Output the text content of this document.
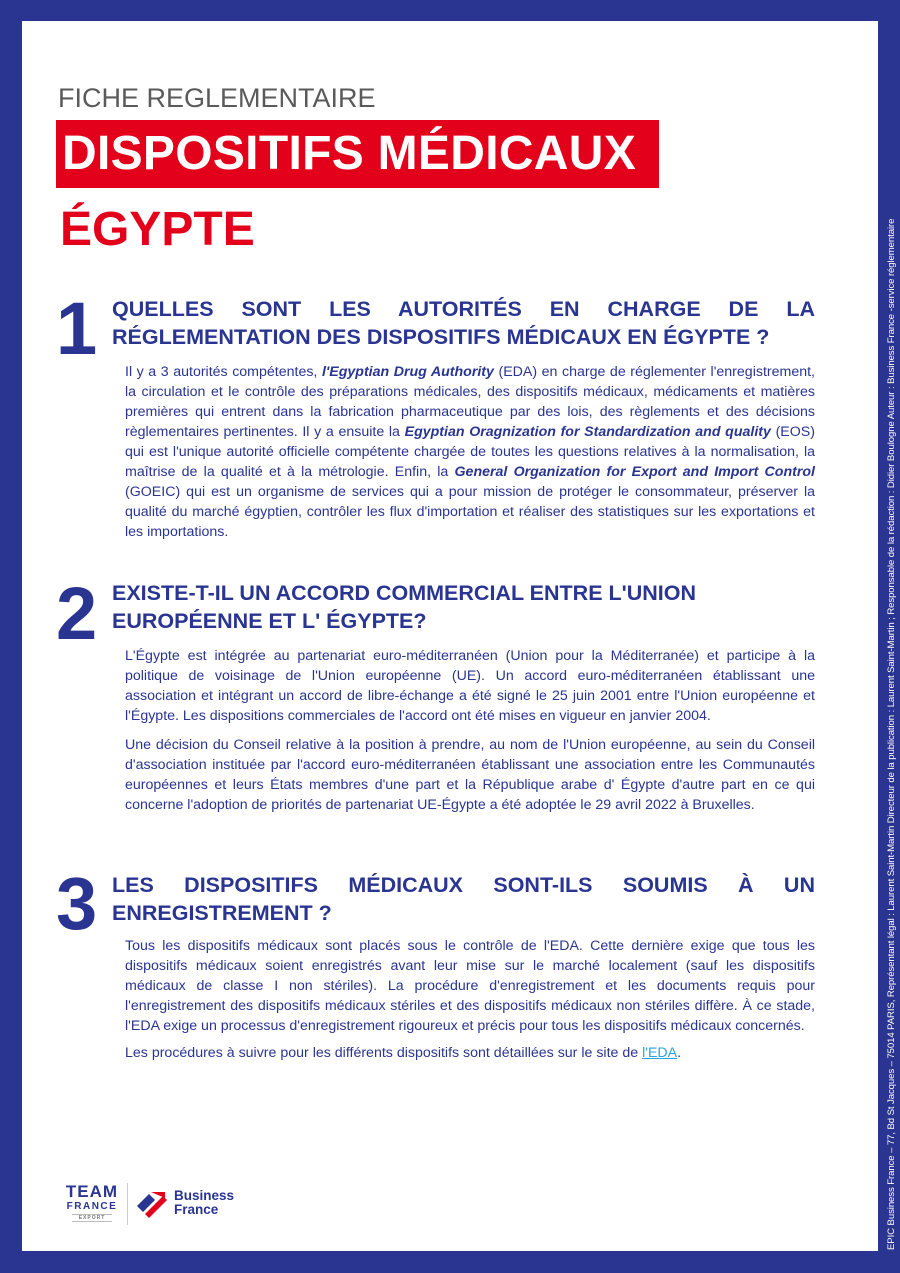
EPIC Business France – 77, Bd St Jacques – 75014 PARIS, Représentant légal : Laurent Saint-Martin Directeur de la publication : Laurent Saint-Martin ; Responsable de la rédaction : Didier Boulogne Auteur : Business France -service réglementaire
FICHE REGLEMENTAIRE
DISPOSITIFS MÉDICAUX
ÉGYPTE
1 QUELLES SONT LES AUTORITÉS EN CHARGE DE LA
RÉGLEMENTATION DES DISPOSITIFS MÉDICAUX EN ÉGYPTE ?

Il y a 3 autorités compétentes, l'Egyptian Drug Authority (EDA) en charge de réglementer l'enregistrement, la circulation et le contrôle des préparations médicales, des dispositifs médicaux, médicaments et matières premières qui entrent dans la fabrication pharmaceutique par des lois, des règlements et des décisions règlementaires pertinentes. Il y a ensuite la Egyptian Oragnization for Standardization and quality (EOS) qui est l'unique autorité officielle compétente chargée de toutes les questions relatives à la normalisation, la maîtrise de la qualité et à la métrologie. Enfin, la General Organization for Export and Import Control (GOEIC) qui est un organisme de services qui a pour mission de protéger le consommateur, préserver la qualité du marché égyptien, contrôler les flux d'importation et réaliser des statistiques sur les exportations et les importations.

2 EXISTE-T-IL UN ACCORD COMMERCIAL ENTRE L'UNION
EUROPÉENNE ET L' ÉGYPTE?

L'Égypte est intégrée au partenariat euro-méditerranéen (Union pour la Méditerranée) et participe à la politique de voisinage de l'Union européenne (UE). Un accord euro-méditerranéen établissant une association et intégrant un accord de libre-échange a été signé le 25 juin 2001 entre l'Union européenne et l'Égypte. Les dispositions commerciales de l'accord ont été mises en vigueur en janvier 2004.

Une décision du Conseil relative à la position à prendre, au nom de l'Union européenne, au sein du Conseil d'association instituée par l'accord euro-méditerranéen établissant une association entre les Communautés européennes et leurs États membres d'une part et la République arabe d' Égypte d'autre part en ce qui concerne l'adoption de priorités de partenariat UE-Égypte a été adoptée le 29 avril 2022 à Bruxelles.

3 LES DISPOSITIFS MÉDICAUX SONT-ILS SOUMIS À UN
ENREGISTREMENT ?

Tous les dispositifs médicaux sont placés sous le contrôle de l'EDA. Cette dernière exige que tous les dispositifs médicaux soient enregistrés avant leur mise sur le marché localement (sauf les dispositifs médicaux de classe I non stériles). La procédure d'enregistrement et les documents requis pour l'enregistrement des dispositifs médicaux stériles et des dispositifs médicaux non stériles diffère. À ce stade, l'EDA exige un processus d'enregistrement rigoureux et précis pour tous les dispositifs médicaux concernés.

Les procédures à suivre pour les différents dispositifs sont détaillées sur le site de l'EDA.

TEAM
FRANCE
EXPORT
Business
France
